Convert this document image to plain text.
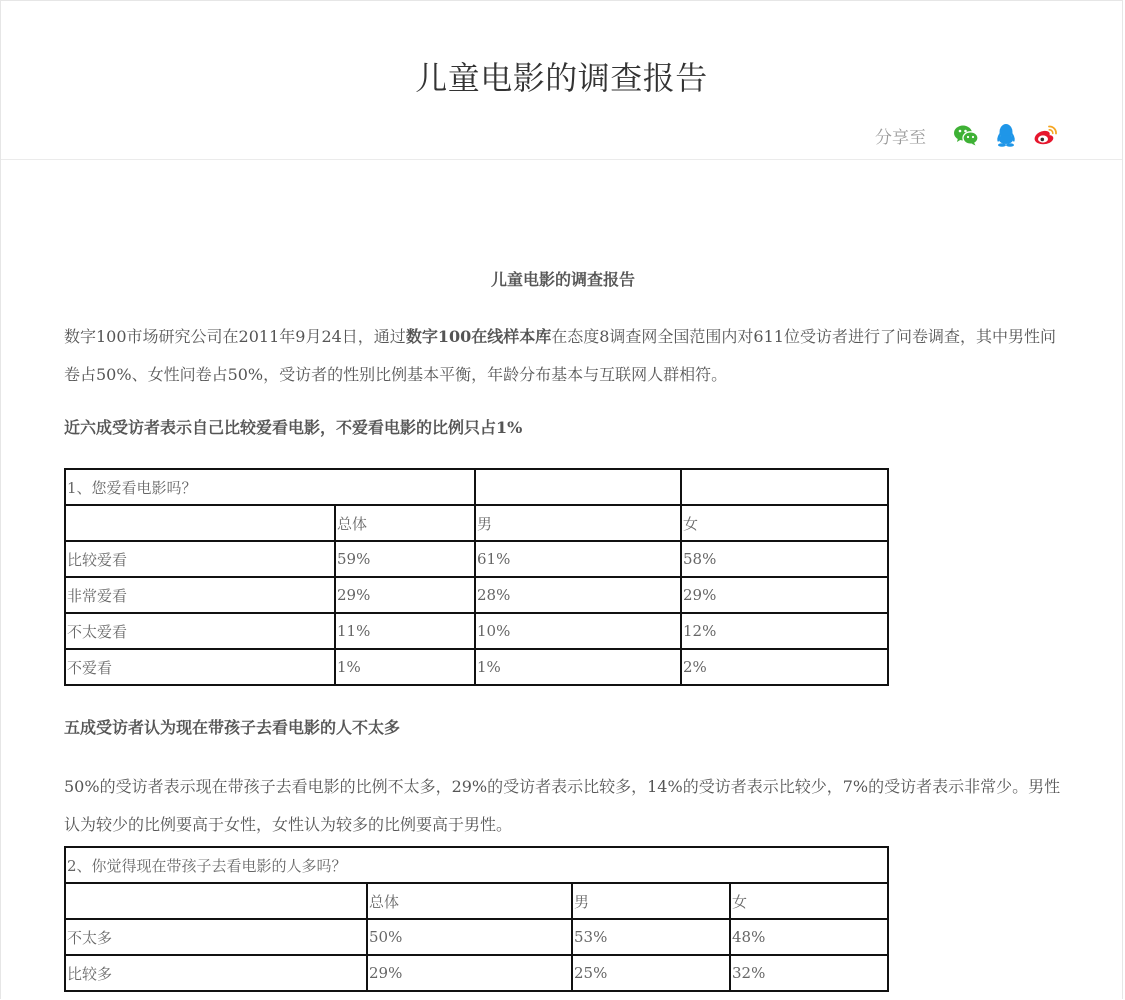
儿童电影的调查报告
分享至

儿童电影的调查报告

数字100市场研究公司在2011年9月24日，通过数字100在线样本库在态度8调查网全国范围内对611位受访者进行了问卷调查，其中男性问卷占50%、女性问卷占50%，受访者的性别比例基本平衡，年龄分布基本与互联网人群相符。

近六成受访者表示自己比较爱看电影，不爱看电影的比例只占1%

1、您爱看电影吗？			
	总体	男	女
比较爱看	59%	61%	58%
非常爱看	29%	28%	29%
不太爱看	11%	10%	12%
不爱看	1%	1%	2%

五成受访者认为现在带孩子去看电影的人不太多

50%的受访者表示现在带孩子去看电影的比例不太多，29%的受访者表示比较多，14%的受访者表示比较少，7%的受访者表示非常少。男性认为较少的比例要高于女性，女性认为较多的比例要高于男性。

2、你觉得现在带孩子去看电影的人多吗？			
	总体	男	女
不太多	50%	53%	48%
比较多	29%	25%	32%
